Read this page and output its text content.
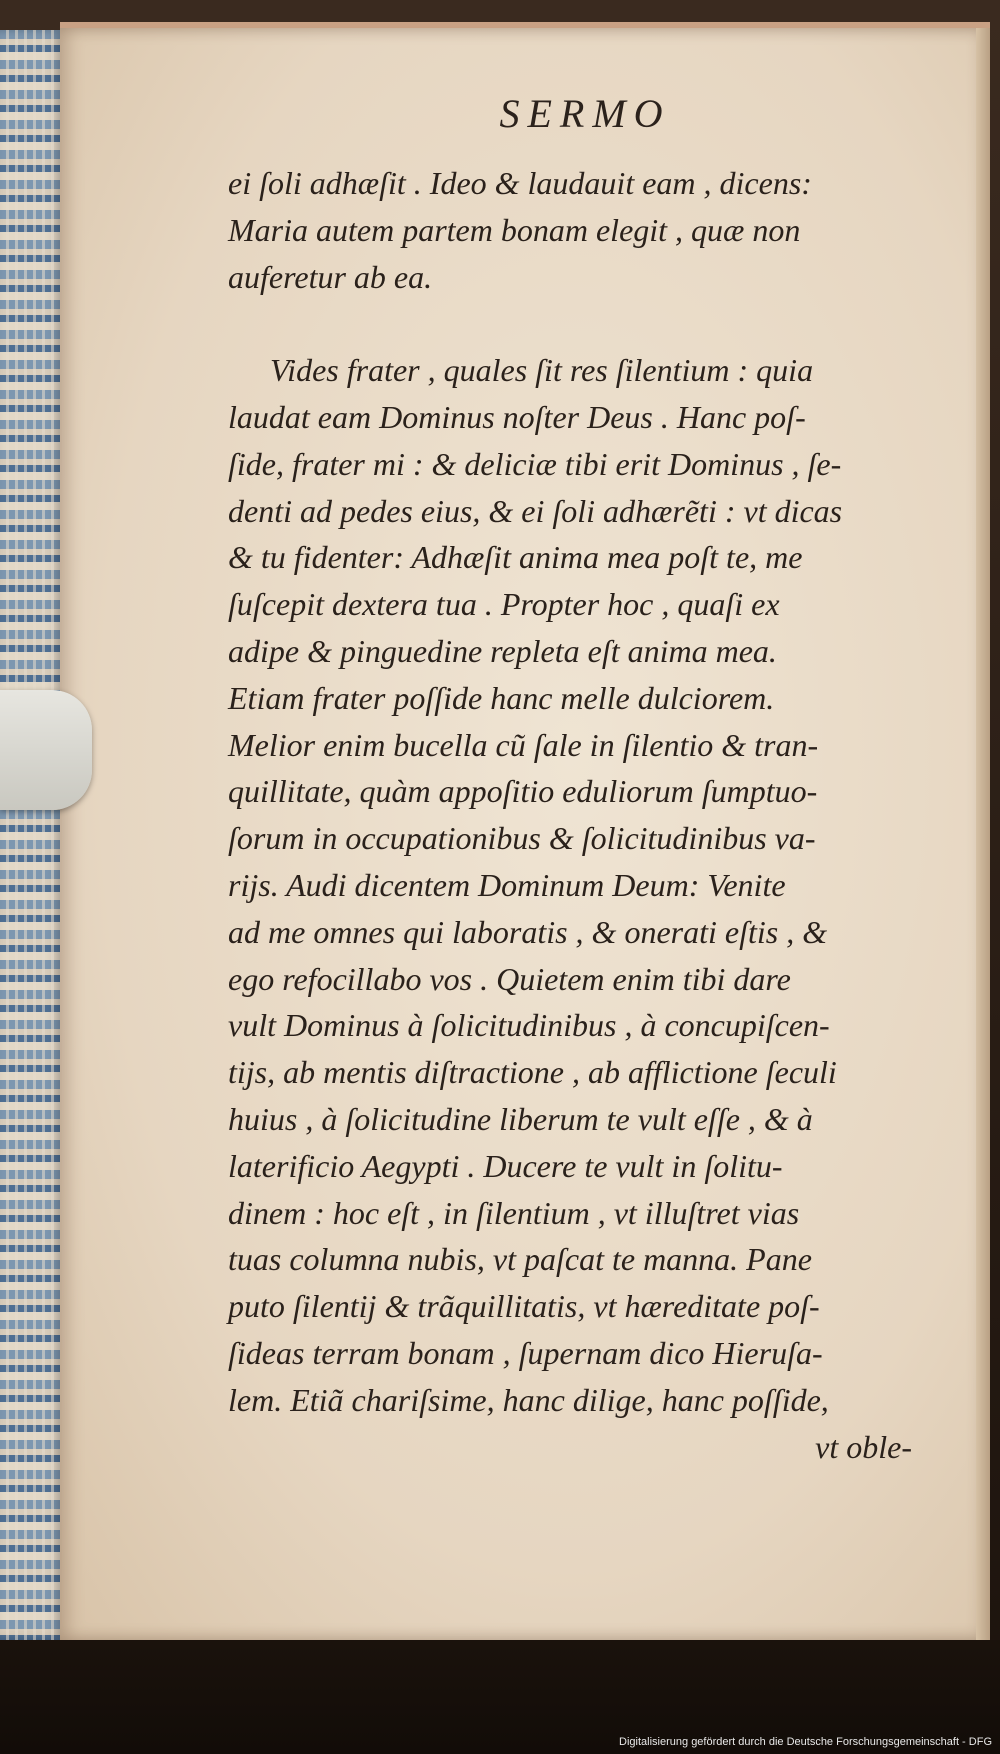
SERMO
ei ſoli adhæſit . Ideo & laudauit eam , dicens:
Maria autem partem bonam elegit , quæ non
auferetur ab ea.
Vides frater , quales ſit res ſilentium : quia
laudat eam Dominus noſter Deus . Hanc poſ-
ſide, frater mi : & deliciæ tibi erit Dominus , ſe-
denti ad pedes eius, & ei ſoli adhærẽti : vt dicas
& tu fidenter: Adhæſit anima mea poſt te, me
ſuſcepit dextera tua . Propter hoc , quaſi ex
adipe & pinguedine repleta eſt anima mea.
Etiam frater poſſide hanc melle dulciorem.
Melior enim bucella cũ ſale in ſilentio & tran-
quillitate, quàm appoſitio eduliorum ſumptuo-
ſorum in occupationibus & ſolicitudinibus va-
rijs. Audi dicentem Dominum Deum: Venite
ad me omnes qui laboratis , & onerati eſtis , &
ego refocillabo vos . Quietem enim tibi dare
vult Dominus à ſolicitudinibus , à concupiſcen-
tijs, ab mentis diſtractione , ab afflictione ſeculi
huius , à ſolicitudine liberum te vult eſſe , & à
laterificio Aegypti . Ducere te vult in ſolitu-
dinem : hoc eſt , in ſilentium , vt illuſtret vias
tuas columna nubis, vt paſcat te manna. Pane
puto ſilentij & trãquillitatis, vt hæreditate poſ-
ſideas terram bonam , ſupernam dico Hieruſa-
lem. Etiã chariſsime, hanc dilige, hanc poſſide,
vt oble-
Digitalisierung gefördert durch die Deutsche Forschungsgemeinschaft - DFG
